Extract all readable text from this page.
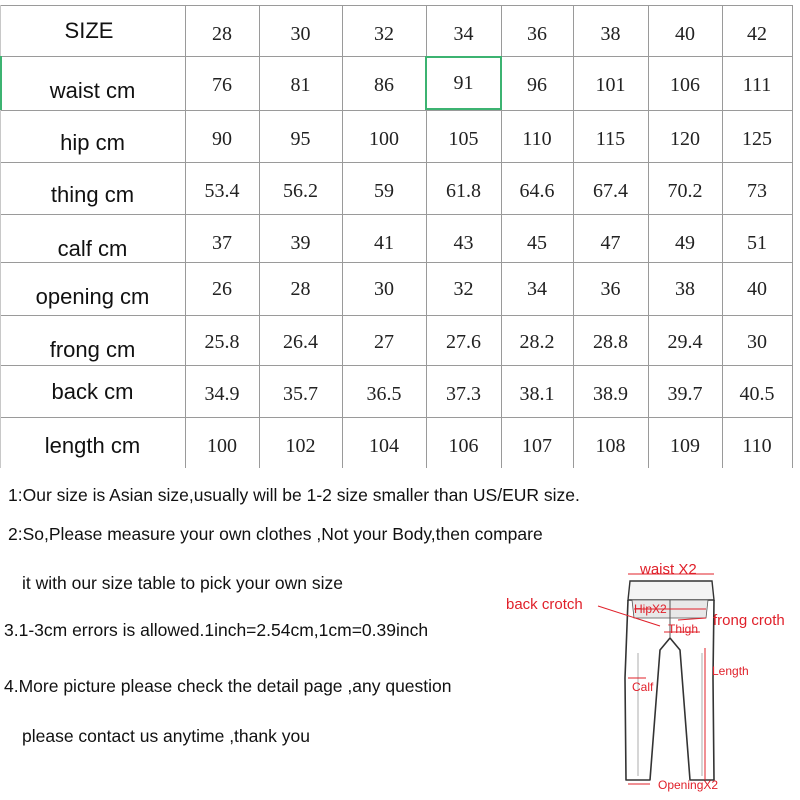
SIZE	28	30	32	34	36	38	40	42
waist cm	76	81	86	91	96	101	106	111
hip cm	90	95	100	105	110	115	120	125
thing cm	53.4	56.2	59	61.8	64.6	67.4	70.2	73
calf cm	37	39	41	43	45	47	49	51
opening cm	26	28	30	32	34	36	38	40
frong cm	25.8	26.4	27	27.6	28.2	28.8	29.4	30
back cm	34.9	35.7	36.5	37.3	38.1	38.9	39.7	40.5
length cm	100	102	104	106	107	108	109	110
1:Our size is Asian size,usually will be 1-2 size smaller than US/EUR size.
2:So,Please measure your own clothes ,Not your Body,then compare
it with our size table to pick your own size
3.1-3cm errors is allowed.1inch=2.54cm,1cm=0.39inch
4.More picture please check the detail page ,any question
please contact us anytime ,thank you
waist X2
back crotch	HipX2
Thigh frong croth
Length
Calf
OpeningX2
